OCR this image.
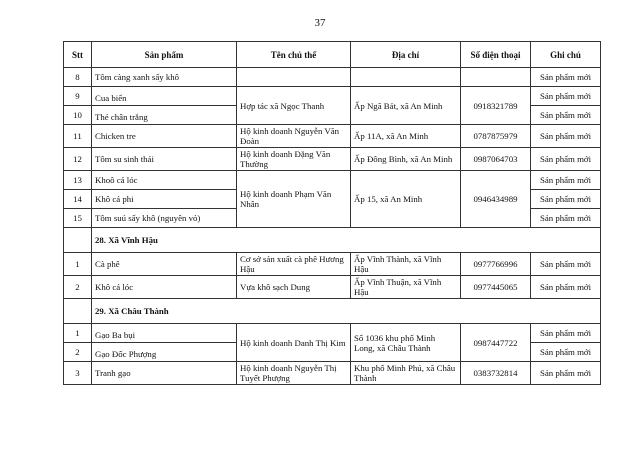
37
Stt	Sản phẩm	Tên chủ thể	Địa chỉ	Số điện thoại	Ghi chú
8	Tôm càng xanh sấy khô				Sản phẩm mới
9	Cua biển	Hợp tác xã Ngọc Thanh	Ấp Ngã Bát, xã An Minh	0918321789	Sản phẩm mới
10	Thẻ chân trắng				Sản phẩm mới
11	Chicken tre	Hộ kinh doanh Nguyễn Văn Đoàn	Ấp 11A, xã An Minh	0787875979	Sản phẩm mới
12	Tôm su sinh thái	Hộ kinh doanh Đặng Văn Thường	Ấp Đông Bình, xã An Minh	0987064703	Sản phẩm mới
13	Khoô cá lóc	Hộ kinh doanh Phạm Văn Nhân	Ấp 15, xã An Minh	0946434989	Sản phẩm mới
14	Khô cá phi				Sản phẩm mới
15	Tôm suú sấy khô (nguyên vỏ)				Sản phẩm mới
	28. Xã Vĩnh Hậu				
1	Cà phê	Cơ sở sản xuất cà phê Hương Hậu	Ấp Vĩnh Thành, xã Vĩnh Hậu	0977766996	Sản phẩm mới
2	Khô cá lóc	Vựa khô sạch Dung	Ấp Vĩnh Thuận, xã Vĩnh Hậu	0977445065	Sản phẩm mới
	29. Xã Châu Thành				
1	Gạo Ba bụi	Hộ kinh doanh Danh Thị Kim	Số 1036 khu phố Minh Long, xã Châu Thành	0987447722	Sản phẩm mới
2	Gạo Đốc Phượng				Sản phẩm mới
3	Tranh gạo	Hộ kinh doanh Nguyễn Thị Tuyết Phượng	Khu phố Minh Phú, xã Châu Thành	0383732814	Sản phẩm mới
